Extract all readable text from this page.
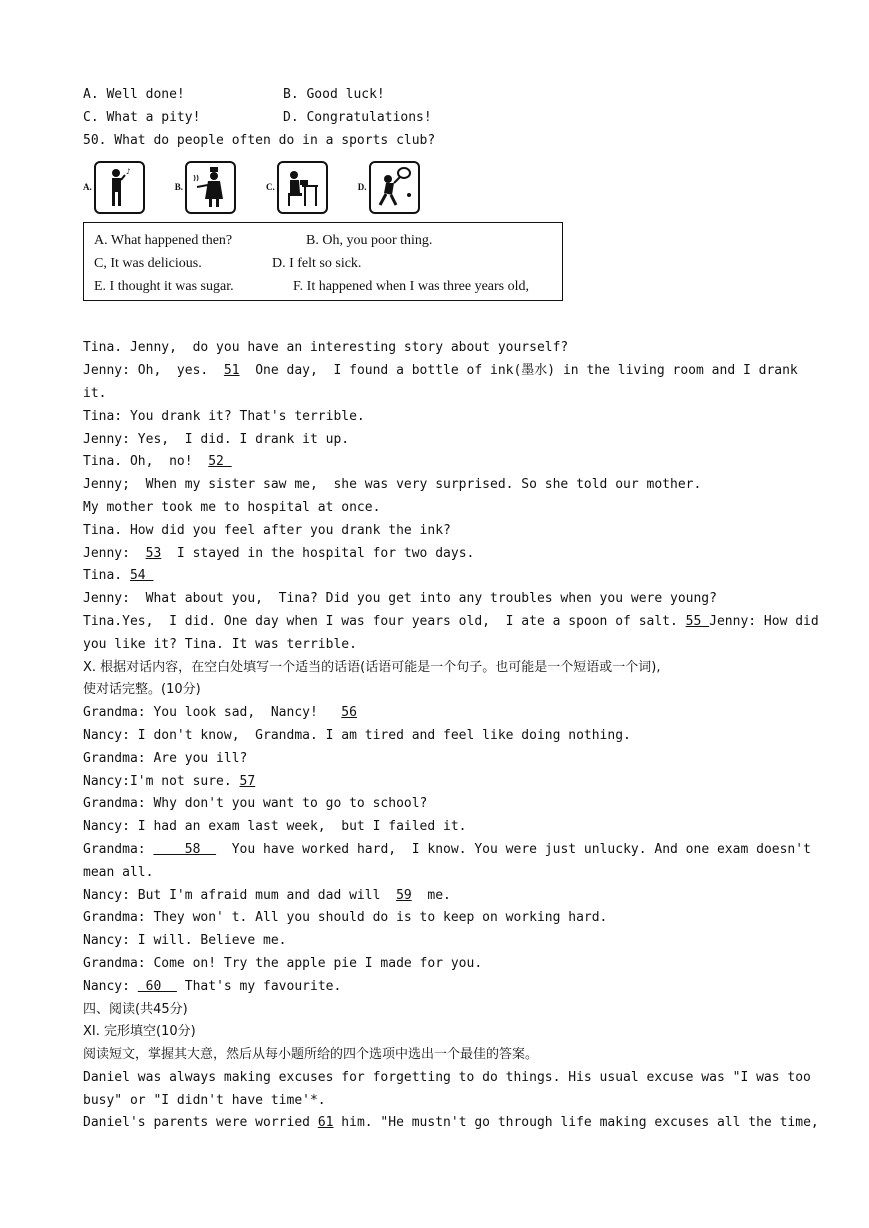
A. Well done!	B. Good luck!
C. What a pity!	D. Congratulations!
50. What do people often do in a sports club?
A.
♪
B.	C.	D.
A. What happened then?	B. Oh, you poor thing.
C, It was delicious.	D. I felt so sick.
E. I thought it was sugar.	F. It happened when I was three years old,
Tina. Jenny,  do you have an interesting story about yourself?
Jenny: Oh,  yes.  51  One day,  I found a bottle of ink(墨水) in the living room and I drank
it.
Tina: You drank it? That's terrible.
Jenny: Yes,  I did. I drank it up.
Tina. Oh,  no!  52
Jenny;  When my sister saw me,  she was very surprised. So she told our mother.
My mother took me to hospital at once.
Tina. How did you feel after you drank the ink?
Jenny:  53  I stayed in the hospital for two days.
Tina. 54
Jenny:  What about you,  Tina? Did you get into any troubles when you were young?
Tina.Yes,  I did. One day when I was four years old,  I ate a spoon of salt. 55 Jenny: How did
you like it? Tina. It was terrible.
X. 根据对话内容，在空白处填写一个适当的话语(话语可能是一个句子。也可能是一个短语或一个词),
使对话完整。(10分)
Grandma: You look sad,  Nancy!   56
Nancy: I don't know,  Grandma. I am tired and feel like doing nothing.
Grandma: Are you ill?
Nancy:I'm not sure. 57
Grandma: Why don't you want to go to school?
Nancy: I had an exam last week,  but I failed it.
Grandma:     58    You have worked hard,  I know. You were just unlucky. And one exam doesn't
mean all.
Nancy: But I'm afraid mum and dad will  59  me.
Grandma: They won' t. All you should do is to keep on working hard.
Nancy: I will. Believe me.
Grandma: Come on! Try the apple pie I made for you.
Nancy:  60   That's my favourite.
四、阅读(共45分)
XI. 完形填空(10分)
阅读短文，掌握其大意，然后从每小题所给的四个选项中选出一个最佳的答案。
Daniel was always making excuses for forgetting to do things. His usual excuse was "I was too
busy" or "I didn't have time'*.
Daniel's parents were worried 61 him. "He mustn't go through life making excuses all the time,
